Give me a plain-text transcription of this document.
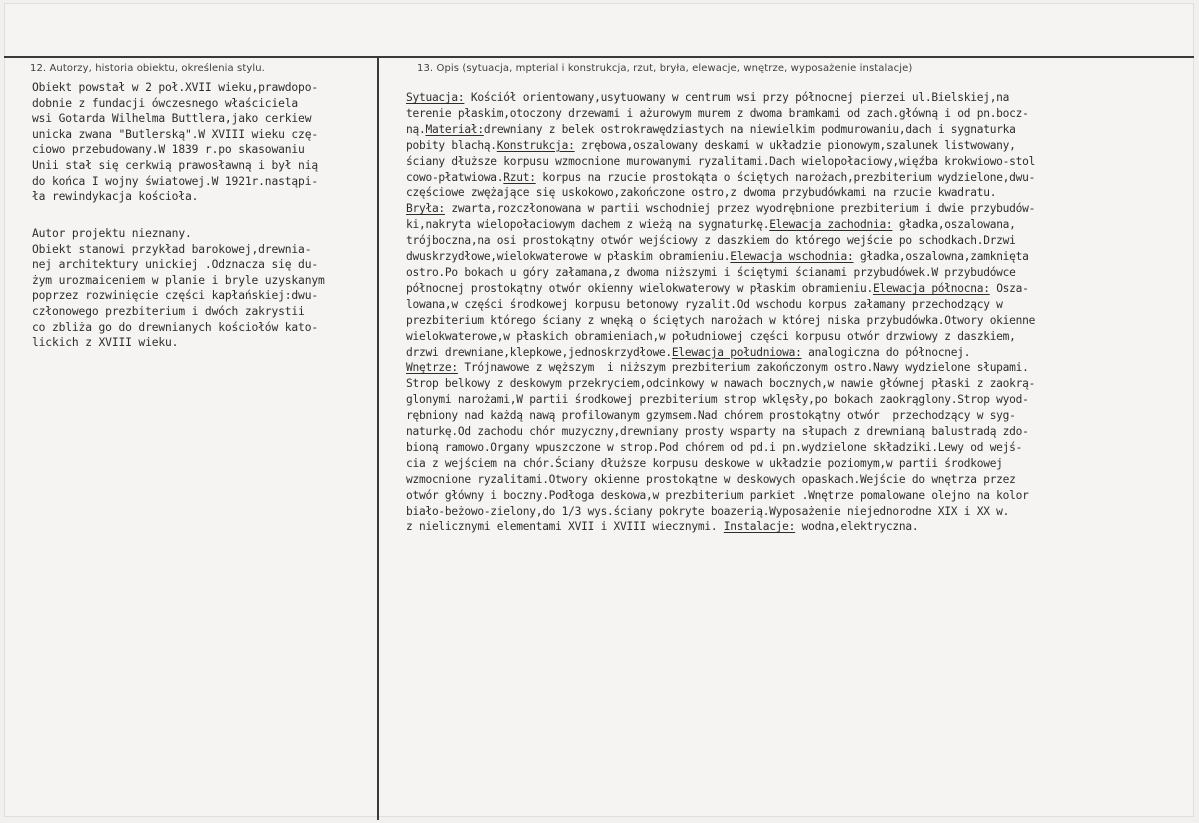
12. Autorzy, historia obiektu, określenia stylu.	13. Opis (sytuacja, mpterial i konstrukcja, rzut, bryła, elewacje, wnętrze, wyposażenie instalacje)
Obiekt powstał w 2 poł.XVII wieku,prawdopo-
dobnie z fundacji ówczesnego właściciela
wsi Gotarda Wilhelma Buttlera,jako cerkiew
unicka zwana "Butlerską".W XVIII wieku czę-
ciowo przebudowany.W 1839 r.po skasowaniu
Unii stał się cerkwią prawosławną i był nią
do końca I wojny światowej.W 1921r.nastąpi-
ła rewindykacja kościoła.
Autor projektu nieznany.
Obiekt stanowi przykład barokowej,drewnia-
nej architektury unickiej .Odznacza się du-
żym urozmaiceniem w planie i bryle uzyskanym
poprzez rozwinięcie części kapłańskiej:dwu-
członowego prezbiterium i dwóch zakrystii
co zbliża go do drewnianych kościołów kato-
lickich z XVIII wieku.
Sytuacja: Kościół orientowany,usytuowany w centrum wsi przy północnej pierzei ul.Bielskiej,na
terenie płaskim,otoczony drzewami i ażurowym murem z dwoma bramkami od zach.główną i od pn.bocz-
ną.Materiał:drewniany z belek ostrokrawędziastych na niewielkim podmurowaniu,dach i sygnaturka
pobity blachą.Konstrukcja: zrębowa,oszalowany deskami w układzie pionowym,szalunek listwowany,
ściany dłuższe korpusu wzmocnione murowanymi ryzalitami.Dach wielopołaciowy,więźba krokwiowo-stol
cowo-płatwiowa.Rzut: korpus na rzucie prostokąta o ściętych narożach,prezbiterium wydzielone,dwu-
częściowe zwężające się uskokowo,zakończone ostro,z dwoma przybudówkami na rzucie kwadratu.
Bryła: zwarta,rozczłonowana w partii wschodniej przez wyodrębnione prezbiterium i dwie przybudów-
ki,nakryta wielopołaciowym dachem z wieżą na sygnaturkę.Elewacja zachodnia: gładka,oszalowana,
trójboczna,na osi prostokątny otwór wejściowy z daszkiem do którego wejście po schodkach.Drzwi
dwuskrzydłowe,wielokwaterowe w płaskim obramieniu.Elewacja wschodnia: gładka,oszalowna,zamknięta
ostro.Po bokach u góry załamana,z dwoma niższymi i ściętymi ścianami przybudówek.W przybudówce
północnej prostokątny otwór okienny wielokwaterowy w płaskim obramieniu.Elewacja północna: Osza-
lowana,w części środkowej korpusu betonowy ryzalit.Od wschodu korpus załamany przechodzący w
prezbiterium którego ściany z wnęką o ściętych narożach w której niska przybudówka.Otwory okienne
wielokwaterowe,w płaskich obramieniach,w południowej części korpusu otwór drzwiowy z daszkiem,
drzwi drewniane,klepkowe,jednoskrzydłowe.Elewacja południowa: analogiczna do północnej.
Wnętrze: Trójnawowe z węższym  i niższym prezbiterium zakończonym ostro.Nawy wydzielone słupami.
Strop belkowy z deskowym przekryciem,odcinkowy w nawach bocznych,w nawie głównej płaski z zaokrą-
glonymi narożami,W partii środkowej prezbiterium strop wklęsły,po bokach zaokrąglony.Strop wyod-
rębniony nad każdą nawą profilowanym gzymsem.Nad chórem prostokątny otwór  przechodzący w syg-
naturkę.Od zachodu chór muzyczny,drewniany prosty wsparty na słupach z drewnianą balustradą zdo-
bioną ramowo.Organy wpuszczone w strop.Pod chórem od pd.i pn.wydzielone składziki.Lewy od wejś-
cia z wejściem na chór.Ściany dłuższe korpusu deskowe w układzie poziomym,w partii środkowej
wzmocnione ryzalitami.Otwory okienne prostokątne w deskowych opaskach.Wejście do wnętrza przez
otwór główny i boczny.Podłoga deskowa,w prezbiterium parkiet .Wnętrze pomalowane olejno na kolor
biało-beżowo-zielony,do 1/3 wys.ściany pokryte boazerią.Wyposażenie niejednorodne XIX i XX w.
z nielicznymi elementami XVII i XVIII wiecznymi. Instalacje: wodna,elektryczna.
